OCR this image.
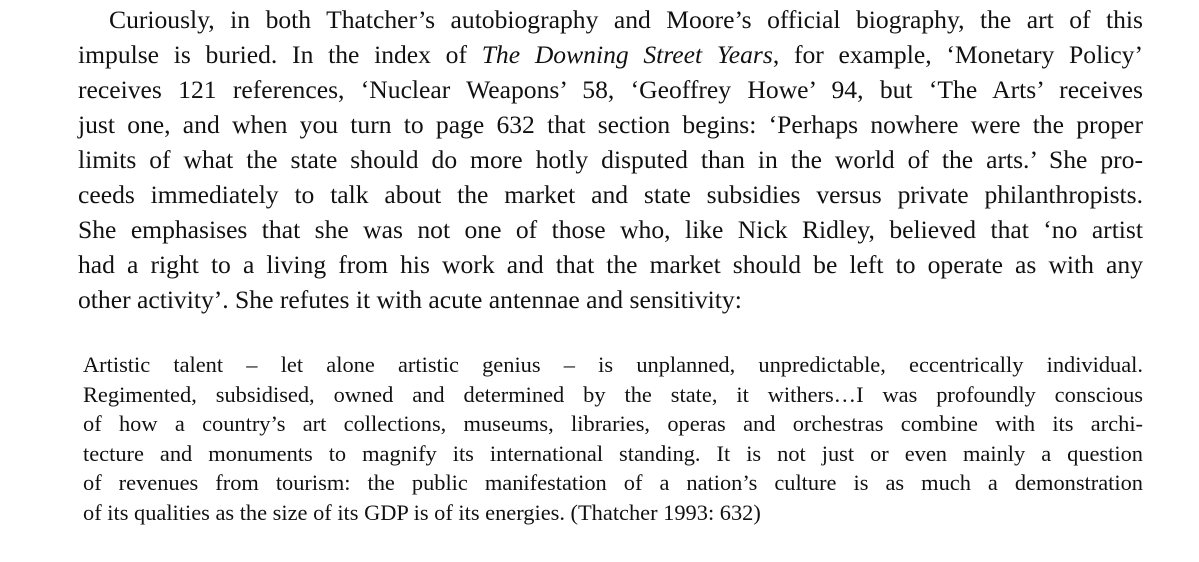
Curiously, in both Thatcher’s autobiography and Moore’s official biography, the art of this
impulse is buried. In the index of The Downing Street Years, for example, ‘Monetary Policy’
receives 121 references, ‘Nuclear Weapons’ 58, ‘Geoffrey Howe’ 94, but ‘The Arts’ receives
just one, and when you turn to page 632 that section begins: ‘Perhaps nowhere were the proper
limits of what the state should do more hotly disputed than in the world of the arts.’ She pro-
ceeds immediately to talk about the market and state subsidies versus private philanthropists.
She emphasises that she was not one of those who, like Nick Ridley, believed that ‘no artist
had a right to a living from his work and that the market should be left to operate as with any
other activity’. She refutes it with acute antennae and sensitivity:

Artistic talent – let alone artistic genius – is unplanned, unpredictable, eccentrically individual.
Regimented, subsidised, owned and determined by the state, it withers…I was profoundly conscious
of how a country’s art collections, museums, libraries, operas and orchestras combine with its archi-
tecture and monuments to magnify its international standing. It is not just or even mainly a question
of revenues from tourism: the public manifestation of a nation’s culture is as much a demonstration
of its qualities as the size of its GDP is of its energies. (Thatcher 1993: 632)
